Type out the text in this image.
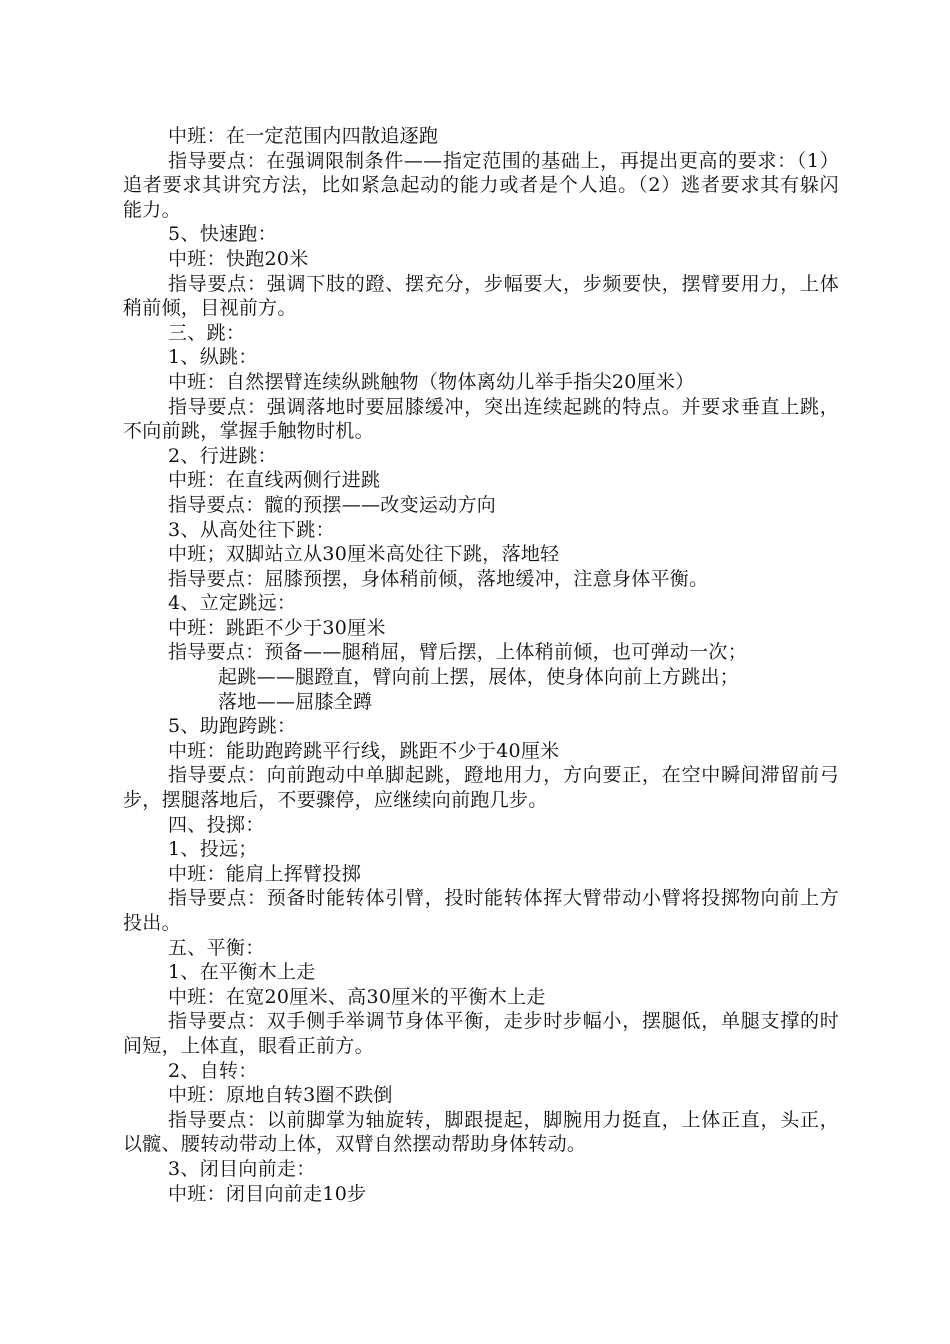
中班：在一定范围内四散追逐跑

指导要点：在强调限制条件——指定范围的基础上，再提出更高的要求：（1）追者要求其讲究方法，比如紧急起动的能力或者是个人追。（2）逃者要求其有躲闪能力。

5、快速跑：

中班：快跑20米

指导要点：强调下肢的蹬、摆充分，步幅要大，步频要快，摆臂要用力，上体稍前倾，目视前方。

三、跳：

1、纵跳：

中班：自然摆臂连续纵跳触物（物体离幼儿举手指尖20厘米）

指导要点：强调落地时要屈膝缓冲，突出连续起跳的特点。并要求垂直上跳，不向前跳，掌握手触物时机。

2、行进跳：

中班：在直线两侧行进跳

指导要点：髋的预摆——改变运动方向

3、从高处往下跳：

中班；双脚站立从30厘米高处往下跳，落地轻

指导要点：屈膝预摆，身体稍前倾，落地缓冲，注意身体平衡。

4、立定跳远：

中班：跳距不少于30厘米

指导要点：预备——腿稍屈，臂后摆，上体稍前倾，也可弹动一次；

起跳——腿蹬直，臂向前上摆，展体，使身体向前上方跳出；

落地——屈膝全蹲

5、助跑跨跳：

中班：能助跑跨跳平行线，跳距不少于40厘米

指导要点：向前跑动中单脚起跳，蹬地用力，方向要正，在空中瞬间滞留前弓步，摆腿落地后，不要骤停，应继续向前跑几步。

四、投掷：

1、投远；

中班：能肩上挥臂投掷

指导要点：预备时能转体引臂，投时能转体挥大臂带动小臂将投掷物向前上方投出。

五、平衡：

1、在平衡木上走

中班：在宽20厘米、高30厘米的平衡木上走

指导要点：双手侧手举调节身体平衡，走步时步幅小，摆腿低，单腿支撑的时间短，上体直，眼看正前方。

2、自转：

中班：原地自转3圈不跌倒

指导要点：以前脚掌为轴旋转，脚跟提起，脚腕用力挺直，上体正直，头正，以髋、腰转动带动上体，双臂自然摆动帮助身体转动。

3、闭目向前走：

中班：闭目向前走10步
